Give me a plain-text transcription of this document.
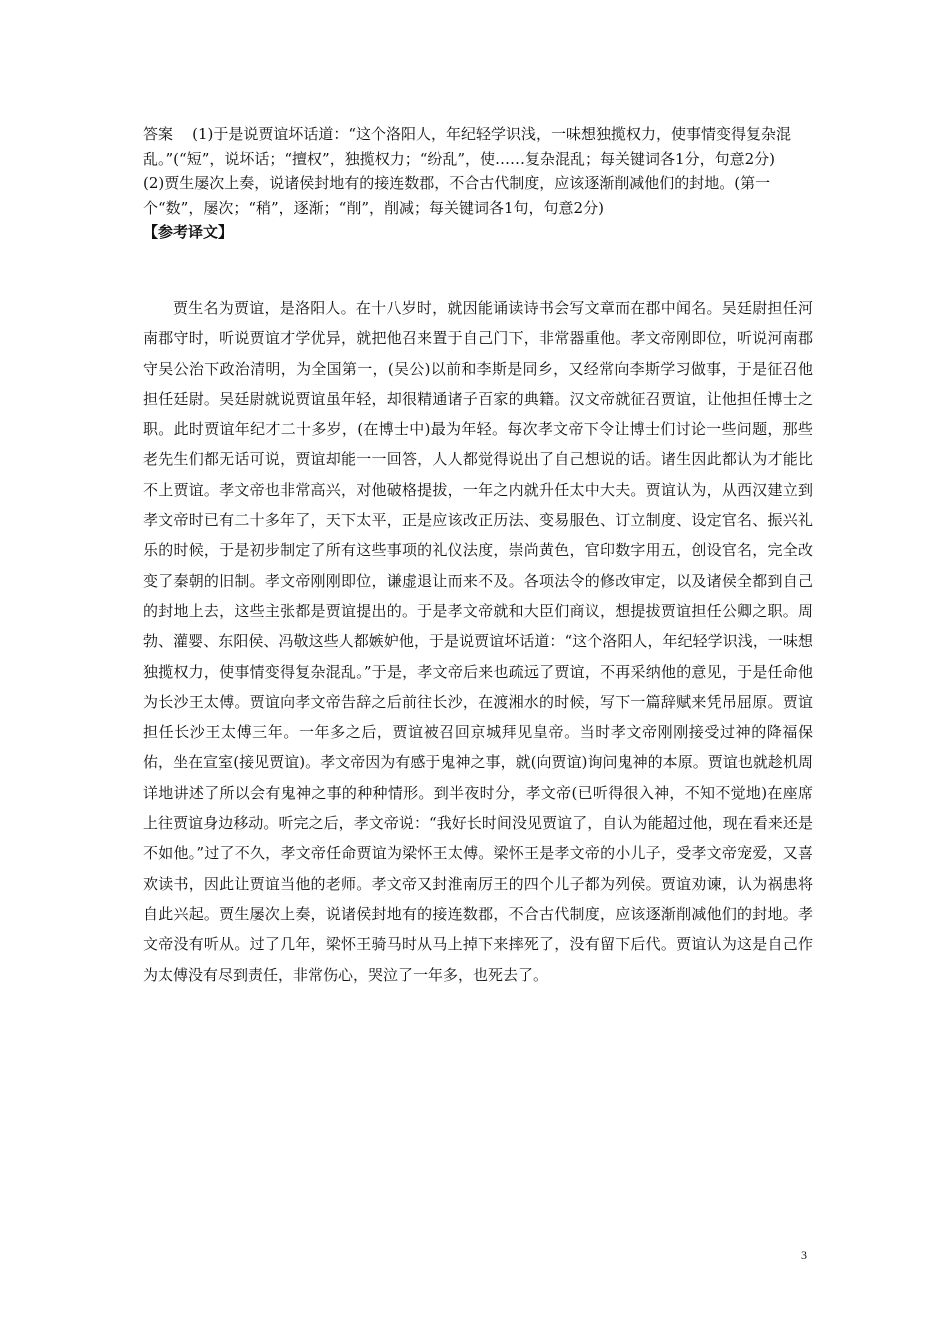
答案 (1)于是说贾谊坏话道：“这个洛阳人，年纪轻学识浅，一味想独揽权力，使事情变得复杂混乱。”(“短”，说坏话；“擅权”，独揽权力；“纷乱”，使……复杂混乱；每关键词各1分，句意2分)

(2)贾生屡次上奏，说诸侯封地有的接连数郡，不合古代制度，应该逐渐削减他们的封地。(第一个“数”，屡次；“稍”，逐渐；“削”，削减；每关键词各1句，句意2分)

【参考译文】

贾生名为贾谊，是洛阳人。在十八岁时，就因能诵读诗书会写文章而在郡中闻名。吴廷尉担任河南郡守时，听说贾谊才学优异，就把他召来置于自己门下，非常器重他。孝文帝刚即位，听说河南郡守吴公治下政治清明，为全国第一，(吴公)以前和李斯是同乡，又经常向李斯学习做事，于是征召他担任廷尉。吴廷尉就说贾谊虽年轻，却很精通诸子百家的典籍。汉文帝就征召贾谊，让他担任博士之职。此时贾谊年纪才二十多岁，(在博士中)最为年轻。每次孝文帝下令让博士们讨论一些问题，那些老先生们都无话可说，贾谊却能一一回答，人人都觉得说出了自己想说的话。诸生因此都认为才能比不上贾谊。孝文帝也非常高兴，对他破格提拔，一年之内就升任太中大夫。贾谊认为，从西汉建立到孝文帝时已有二十多年了，天下太平，正是应该改正历法、变易服色、订立制度、设定官名、振兴礼乐的时候，于是初步制定了所有这些事项的礼仪法度，崇尚黄色，官印数字用五，创设官名，完全改变了秦朝的旧制。孝文帝刚刚即位，谦虚退让而来不及。各项法令的修改审定，以及诸侯全都到自己的封地上去，这些主张都是贾谊提出的。于是孝文帝就和大臣们商议，想提拔贾谊担任公卿之职。周勃、灌婴、东阳侯、冯敬这些人都嫉妒他，于是说贾谊坏话道：“这个洛阳人，年纪轻学识浅，一味想独揽权力，使事情变得复杂混乱。”于是，孝文帝后来也疏远了贾谊，不再采纳他的意见，于是任命他为长沙王太傅。贾谊向孝文帝告辞之后前往长沙，在渡湘水的时候，写下一篇辞赋来凭吊屈原。贾谊担任长沙王太傅三年。一年多之后，贾谊被召回京城拜见皇帝。当时孝文帝刚刚接受过神的降福保佑，坐在宣室(接见贾谊)。孝文帝因为有感于鬼神之事，就(向贾谊)询问鬼神的本原。贾谊也就趁机周详地讲述了所以会有鬼神之事的种种情形。到半夜时分，孝文帝(已听得很入神，不知不觉地)在座席上往贾谊身边移动。听完之后，孝文帝说：“我好长时间没见贾谊了，自认为能超过他，现在看来还是不如他。”过了不久，孝文帝任命贾谊为梁怀王太傅。梁怀王是孝文帝的小儿子，受孝文帝宠爱，又喜欢读书，因此让贾谊当他的老师。孝文帝又封淮南厉王的四个儿子都为列侯。贾谊劝谏，认为祸患将自此兴起。贾生屡次上奏，说诸侯封地有的接连数郡，不合古代制度，应该逐渐削减他们的封地。孝文帝没有听从。过了几年，梁怀王骑马时从马上掉下来摔死了，没有留下后代。贾谊认为这是自己作为太傅没有尽到责任，非常伤心，哭泣了一年多，也死去了。

3
